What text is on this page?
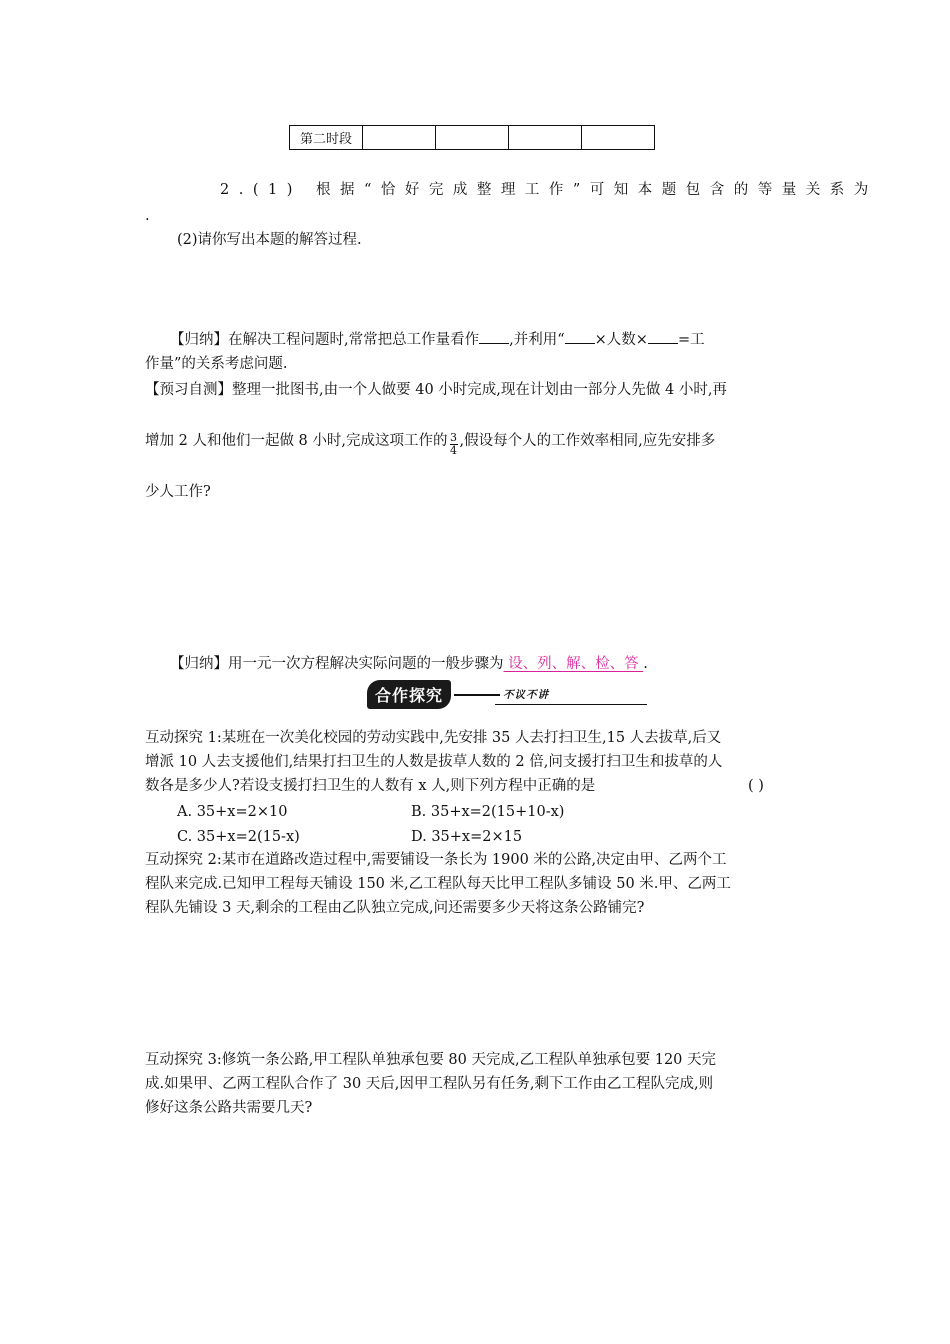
第二时段				
2.(1) 根据“恰好完成整理工作”可知本题包含的等量关系为
.
(2)请你写出本题的解答过程.
【归纳】在解决工程问题时,常常把总工作量看作 ,并利用“ ×人数× =工
作量”的关系考虑问题.
【预习自测】整理一批图书,由一个人做要 40 小时完成,现在计划由一部分人先做 4 小时,再
增加 2 人和他们一起做 8 小时,完成这项工作的 $\frac{3}{4}$ ,假设每个人的工作效率相同,应先安排多
少人工作?
【归纳】用一元一次方程解决实际问题的一般步骤为 设、列、解、检、答 .
合作探究	不议不讲
互动探究 1:某班在一次美化校园的劳动实践中,先安排 35 人去打扫卫生,15 人去拔草,后又
增派 10 人去支援他们,结果打扫卫生的人数是拔草人数的 2 倍,问支援打扫卫生和拔草的人
数各是多少人?若设支援打扫卫生的人数有 x 人,则下列方程中正确的是	( )
A. 35+x=2×10	B. 35+x=2(15+10-x)
C. 35+x=2(15-x)	D. 35+x=2×15
互动探究 2:某市在道路改造过程中,需要铺设一条长为 1900 米的公路,决定由甲、乙两个工
程队来完成.已知甲工程每天铺设 150 米,乙工程队每天比甲工程队多铺设 50 米.甲、乙两工
程队先铺设 3 天,剩余的工程由乙队独立完成,问还需要多少天将这条公路铺完?
互动探究 3:修筑一条公路,甲工程队单独承包要 80 天完成,乙工程队单独承包要 120 天完
成.如果甲、乙两工程队合作了 30 天后,因甲工程队另有任务,剩下工作由乙工程队完成,则
修好这条公路共需要几天?
